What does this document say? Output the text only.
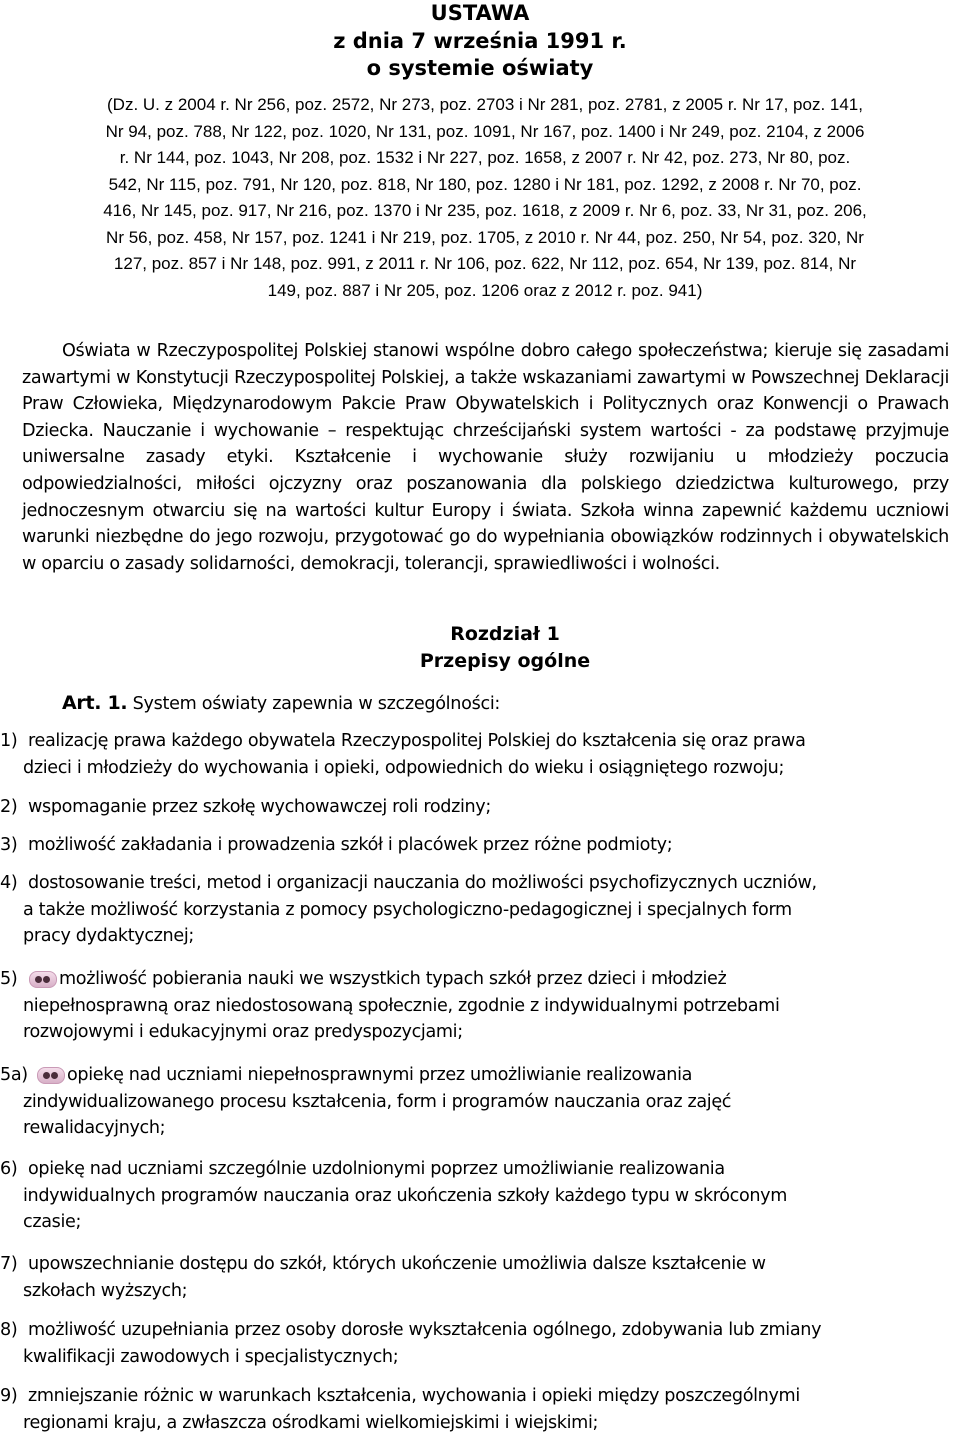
USTAWA
z dnia 7 września 1991 r.
o systemie oświaty
(Dz. U. z 2004 r. Nr 256, poz. 2572, Nr 273, poz. 2703 i Nr 281, poz. 2781, z 2005 r. Nr 17, poz. 141,
Nr 94, poz. 788, Nr 122, poz. 1020, Nr 131, poz. 1091, Nr 167, poz. 1400 i Nr 249, poz. 2104, z 2006
r. Nr 144, poz. 1043, Nr 208, poz. 1532 i Nr 227, poz. 1658, z 2007 r. Nr 42, poz. 273, Nr 80, poz.
542, Nr 115, poz. 791, Nr 120, poz. 818, Nr 180, poz. 1280 i Nr 181, poz. 1292, z 2008 r. Nr 70, poz.
416, Nr 145, poz. 917, Nr 216, poz. 1370 i Nr 235, poz. 1618, z 2009 r. Nr 6, poz. 33, Nr 31, poz. 206,
Nr 56, poz. 458, Nr 157, poz. 1241 i Nr 219, poz. 1705, z 2010 r. Nr 44, poz. 250, Nr 54, poz. 320, Nr
127, poz. 857 i Nr 148, poz. 991, z 2011 r. Nr 106, poz. 622, Nr 112, poz. 654, Nr 139, poz. 814, Nr
149, poz. 887 i Nr 205, poz. 1206 oraz z 2012 r. poz. 941)
Oświata w Rzeczypospolitej Polskiej stanowi wspólne dobro całego społeczeństwa; kieruje się zasadami zawartymi w Konstytucji Rzeczypospolitej Polskiej, a także wskazaniami zawartymi w Powszechnej Deklaracji Praw Człowieka, Międzynarodowym Pakcie Praw Obywatelskich i Politycznych oraz Konwencji o Prawach Dziecka. Nauczanie i wychowanie – respektując chrześcijański system wartości - za podstawę przyjmuje uniwersalne zasady etyki. Kształcenie i wychowanie służy rozwijaniu u młodzieży poczucia odpowiedzialności, miłości ojczyzny oraz poszanowania dla polskiego dziedzictwa kulturowego, przy jednoczesnym otwarciu się na wartości kultur Europy i świata. Szkoła winna zapewnić każdemu uczniowi warunki niezbędne do jego rozwoju, przygotować go do wypełniania obowiązków rodzinnych i obywatelskich w oparciu o zasady solidarności, demokracji, tolerancji, sprawiedliwości i wolności.
Rozdział 1
Przepisy ogólne
Art. 1. System oświaty zapewnia w szczególności:
1) realizację prawa każdego obywatela Rzeczypospolitej Polskiej do kształcenia się oraz prawa
dzieci i młodzieży do wychowania i opieki, odpowiednich do wieku i osiągniętego rozwoju;
2) wspomaganie przez szkołę wychowawczej roli rodziny;
3) możliwość zakładania i prowadzenia szkół i placówek przez różne podmioty;
4) dostosowanie treści, metod i organizacji nauczania do możliwości psychofizycznych uczniów,
a także możliwość korzystania z pomocy psychologiczno-pedagogicznej i specjalnych form
pracy dydaktycznej;
5)	możliwość pobierania nauki we wszystkich typach szkół przez dzieci i młodzież
niepełnosprawną oraz niedostosowaną społecznie, zgodnie z indywidualnymi potrzebami
rozwojowymi i edukacyjnymi oraz predyspozycjami;
5a)	opiekę nad uczniami niepełnosprawnymi przez umożliwianie realizowania
zindywidualizowanego procesu kształcenia, form i programów nauczania oraz zajęć
rewalidacyjnych;
6) opiekę nad uczniami szczególnie uzdolnionymi poprzez umożliwianie realizowania
indywidualnych programów nauczania oraz ukończenia szkoły każdego typu w skróconym
czasie;
7) upowszechnianie dostępu do szkół, których ukończenie umożliwia dalsze kształcenie w
szkołach wyższych;
8) możliwość uzupełniania przez osoby dorosłe wykształcenia ogólnego, zdobywania lub zmiany
kwalifikacji zawodowych i specjalistycznych;
9) zmniejszanie różnic w warunkach kształcenia, wychowania i opieki między poszczególnymi
regionami kraju, a zwłaszcza ośrodkami wielkomiejskimi i wiejskimi;
